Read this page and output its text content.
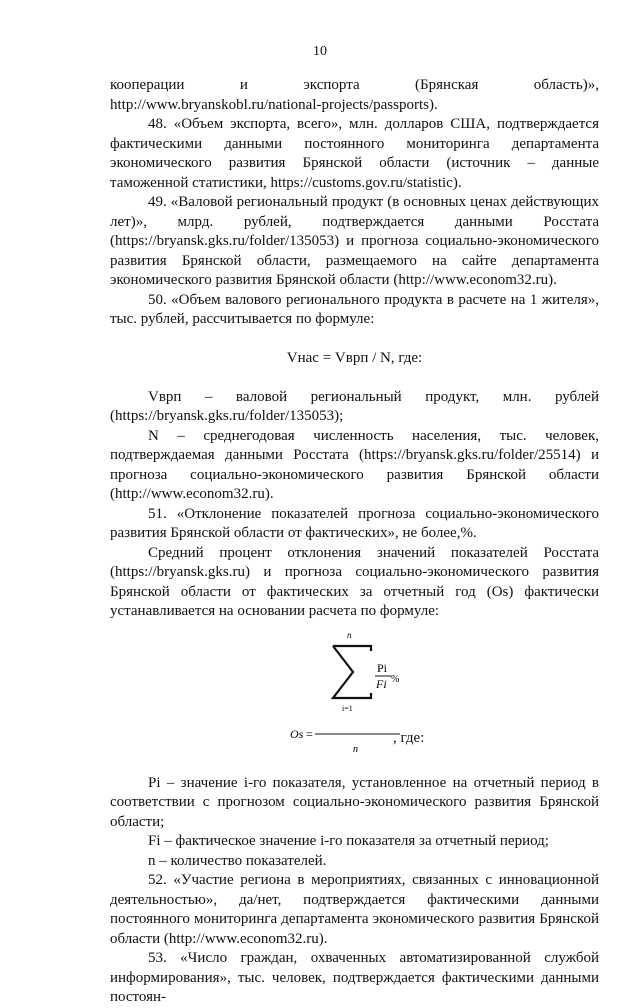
10

кооперации и экспорта (Брянская область)», http://www.bryanskobl.ru/national-projects/passports).

48. «Объем экспорта, всего», млн. долларов США, подтверждается фактическими данными постоянного мониторинга департамента экономического развития Брянской области (источник – данные таможенной статистики, https://customs.gov.ru/statistic).

49. «Валовой региональный продукт (в основных ценах действующих лет)», млрд. рублей, подтверждается данными Росстата (https://bryansk.gks.ru/folder/135053) и прогноза социально-экономического развития Брянской области, размещаемого на сайте департамента экономического развития Брянской области (http://www.econom32.ru).

50. «Объем валового регионального продукта в расчете на 1 жителя», тыс. рублей, рассчитывается по формуле:

Vнас = Vврп / N, где:

Vврп – валовой региональный продукт, млн. рублей (https://bryansk.gks.ru/folder/135053);

N – среднегодовая численность населения, тыс. человек, подтверждаемая данными Росстата (https://bryansk.gks.ru/folder/25514) и прогноза социально-экономического развития Брянской области (http://www.econom32.ru).

51. «Отклонение показателей прогноза социально-экономического развития Брянской области от фактических», не более,%.

Средний процент отклонения значений показателей Росстата (https://bryansk.gks.ru) и прогноза социально-экономического развития Брянской области от фактических за отчетный год (Os) фактически устанавливается на основании расчета по формуле:

n
i=1
Pi
Fi %
Os =
n
, где:

Pi – значение i-го показателя, установленное на отчетный период в соответствии с прогнозом социально-экономического развития Брянской области;

Fi – фактическое значение i-го показателя за отчетный период;

n – количество показателей.

52. «Участие региона в мероприятиях, связанных с инновационной деятельностью», да/нет, подтверждается фактическими данными постоянного мониторинга департамента экономического развития Брянской области (http://www.econom32.ru).

53. «Число граждан, охваченных автоматизированной службой информирования», тыс. человек, подтверждается фактическими данными постоян-
